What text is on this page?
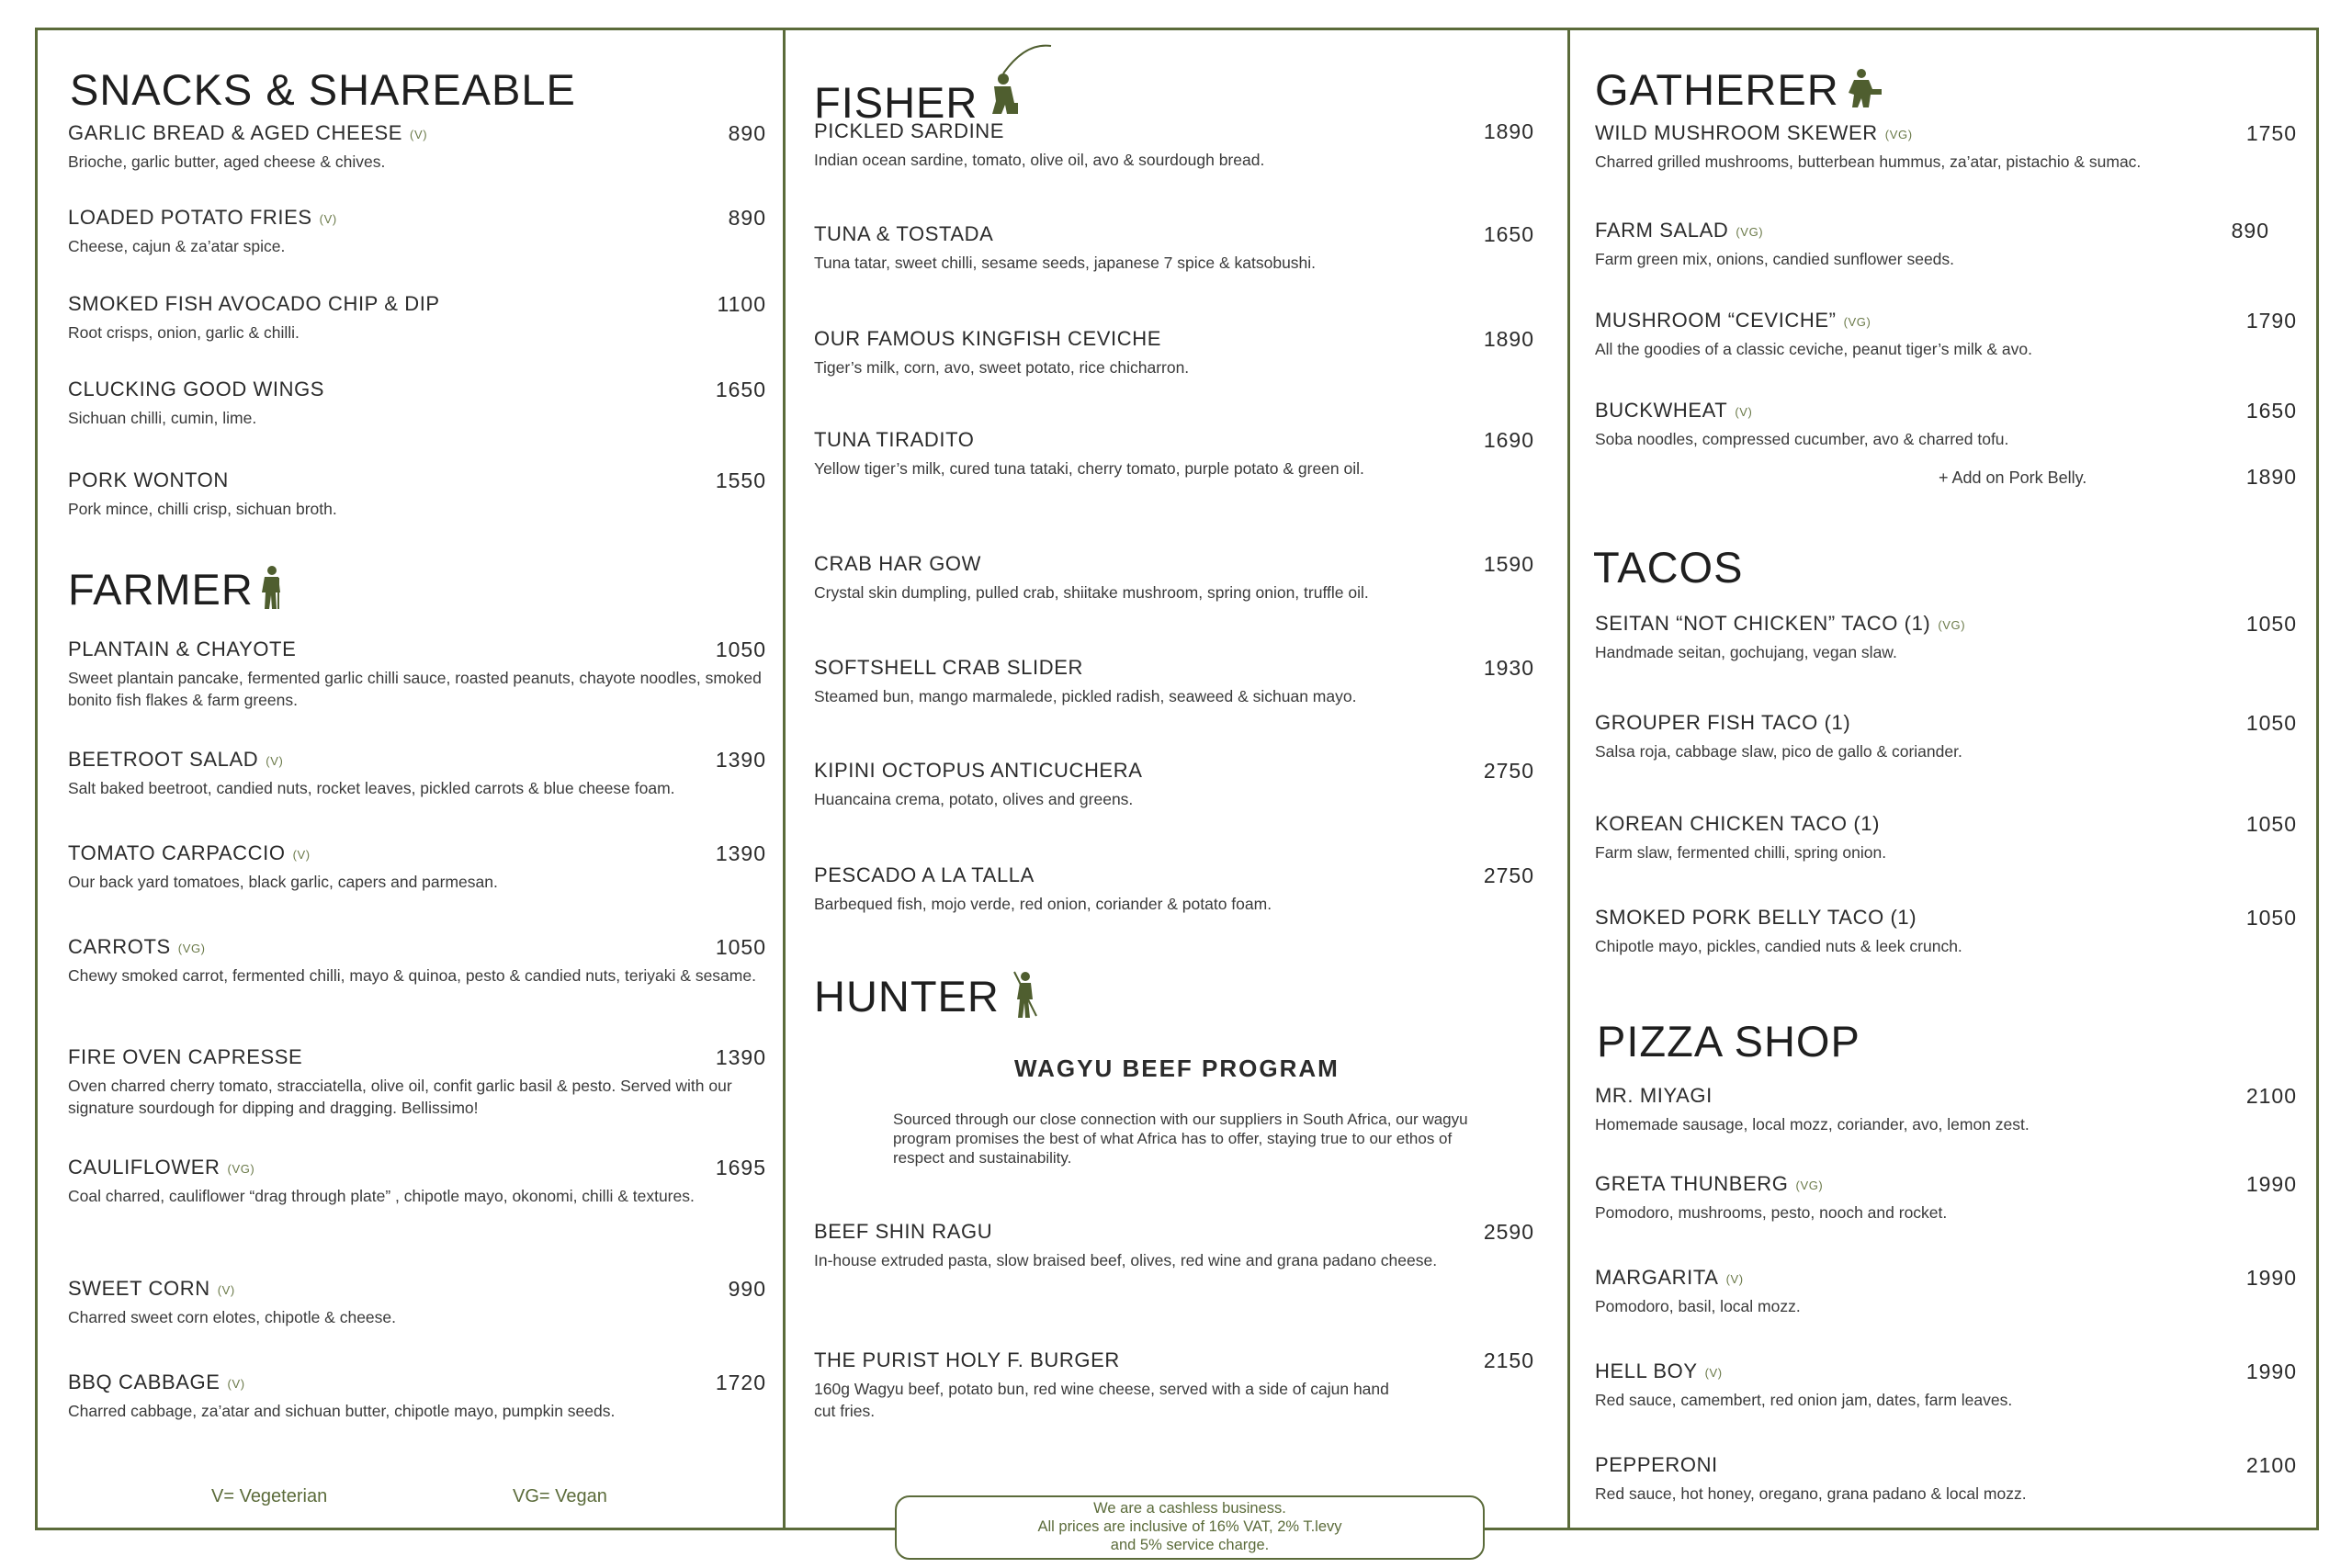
SNACKS & SHAREABLE
GARLIC BREAD & AGED CHEESE (V)	890
Brioche, garlic butter, aged cheese & chives.
LOADED POTATO FRIES (V)	890
Cheese, cajun & za’atar spice.
SMOKED FISH AVOCADO CHIP & DIP	1100
Root crisps, onion, garlic & chilli.
CLUCKING GOOD WINGS	1650
Sichuan chilli, cumin, lime.
PORK WONTON	1550
Pork mince, chilli crisp, sichuan broth.
FARMER
PLANTAIN & CHAYOTE	1050
Sweet plantain pancake, fermented garlic chilli sauce, roasted peanuts, chayote noodles, smoked bonito fish flakes & farm greens.
BEETROOT SALAD (V)	1390
Salt baked beetroot, candied nuts, rocket leaves, pickled carrots & blue cheese foam.
TOMATO CARPACCIO (V)	1390
Our back yard tomatoes, black garlic, capers and parmesan.
CARROTS (VG)	1050
Chewy smoked carrot, fermented chilli, mayo & quinoa, pesto & candied nuts, teriyaki & sesame.
FIRE OVEN CAPRESSE	1390
Oven charred cherry tomato, stracciatella, olive oil, confit garlic basil & pesto. Served with our signature sourdough for dipping and dragging. Bellissimo!
CAULIFLOWER (VG)	1695
Coal charred, cauliflower “drag through plate” , chipotle mayo, okonomi, chilli & textures.
SWEET CORN (V)	990
Charred sweet corn elotes, chipotle & cheese.
BBQ CABBAGE (V)	1720
Charred cabbage, za’atar and sichuan butter, chipotle mayo, pumpkin seeds.
V= Vegeterian	VG= Vegan
FISHER
PICKLED SARDINE	1890
Indian ocean sardine, tomato, olive oil, avo & sourdough bread.
TUNA & TOSTADA	1650
Tuna tatar, sweet chilli, sesame seeds, japanese 7 spice & katsobushi.
OUR FAMOUS KINGFISH CEVICHE	1890
Tiger’s milk, corn, avo, sweet potato, rice chicharron.
TUNA TIRADITO	1690
Yellow tiger’s milk, cured tuna tataki, cherry tomato, purple potato & green oil.
CRAB HAR GOW	1590
Crystal skin dumpling, pulled crab, shiitake mushroom, spring onion, truffle oil.
SOFTSHELL CRAB SLIDER	1930
Steamed bun, mango marmalede, pickled radish, seaweed & sichuan mayo.
KIPINI OCTOPUS ANTICUCHERA	2750
Huancaina crema, potato, olives and greens.
PESCADO A LA TALLA	2750
Barbequed fish, mojo verde, red onion, coriander & potato foam.
HUNTER
WAGYU BEEF PROGRAM
Sourced through our close connection with our suppliers in South Africa, our wagyu program promises the best of what Africa has to offer, staying true to our ethos of respect and sustainability.
BEEF SHIN RAGU	2590
In-house extruded pasta, slow braised beef, olives, red wine and grana padano cheese.
THE PURIST HOLY F. BURGER	2150
160g Wagyu beef, potato bun, red wine cheese, served with a side of cajun hand cut fries.
GATHERER
WILD MUSHROOM SKEWER (VG)	1750
Charred grilled mushrooms, butterbean hummus, za’atar, pistachio & sumac.
FARM SALAD (VG)	890
Farm green mix, onions, candied sunflower seeds.
MUSHROOM “CEVICHE” (VG)	1790
All the goodies of a classic ceviche, peanut tiger’s milk & avo.
BUCKWHEAT (V)	1650
Soba noodles, compressed cucumber, avo & charred tofu.
+ Add on Pork Belly.	1890
TACOS
SEITAN “NOT CHICKEN” TACO (1) (VG)	1050
Handmade seitan, gochujang, vegan slaw.
GROUPER FISH TACO (1)	1050
Salsa roja, cabbage slaw, pico de gallo & coriander.
KOREAN CHICKEN TACO (1)	1050
Farm slaw, fermented chilli, spring onion.
SMOKED PORK BELLY TACO (1)	1050
Chipotle mayo, pickles, candied nuts & leek crunch.
PIZZA SHOP
MR. MIYAGI	2100
Homemade sausage, local mozz, coriander, avo, lemon zest.
GRETA THUNBERG (VG)	1990
Pomodoro, mushrooms, pesto, nooch and rocket.
MARGARITA (V)	1990
Pomodoro, basil, local mozz.
HELL BOY (V)	1990
Red sauce, camembert, red onion jam, dates, farm leaves.
PEPPERONI	2100
Red sauce, hot honey, oregano, grana padano & local mozz.
We are a cashless business.
All prices are inclusive of 16% VAT, 2% T.levy
and 5% service charge.
